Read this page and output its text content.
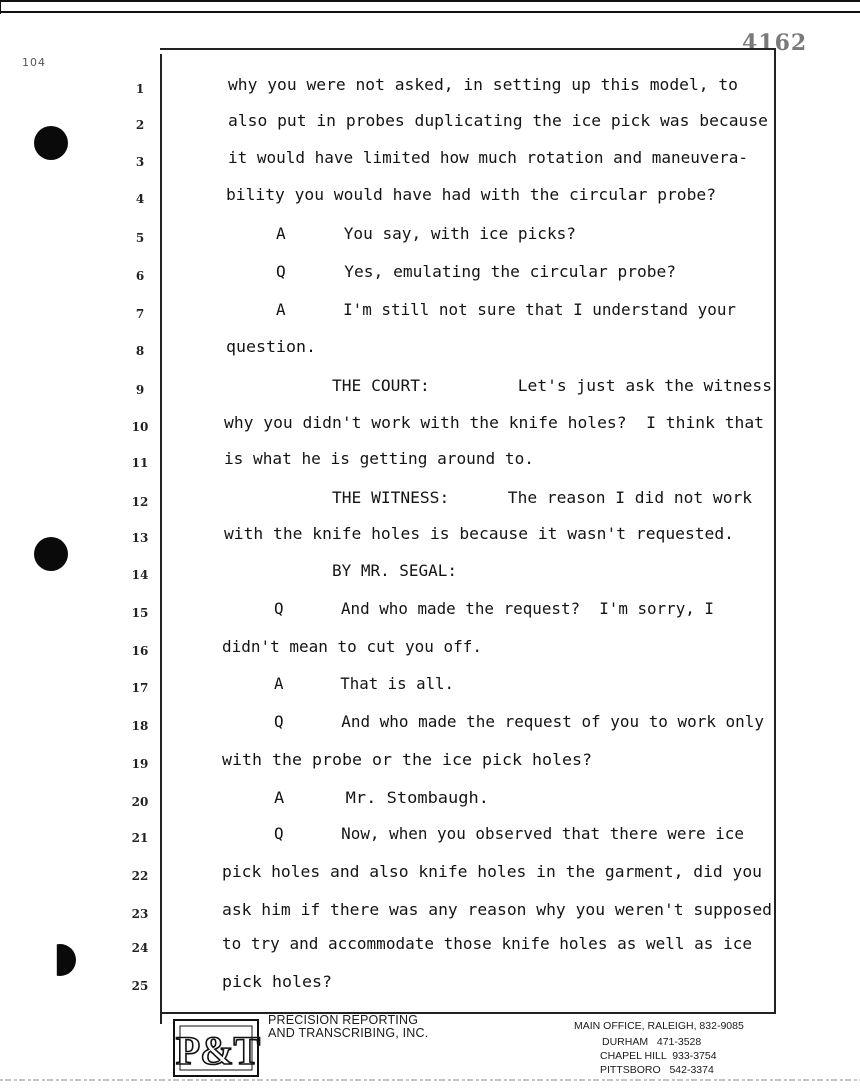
104
4162
1	why you were not asked, in setting up this model, to
2	also put in probes duplicating the ice pick was because
3	it would have limited how much rotation and maneuvera-
4	bility you would have had with the circular probe?
5	A      You say, with ice picks?
6	Q      Yes, emulating the circular probe?
7	A      I'm still not sure that I understand your
8	question.
9	THE COURT:         Let's just ask the witness
10	why you didn't work with the knife holes?  I think that
11	is what he is getting around to.
12	THE WITNESS:      The reason I did not work
13	with the knife holes is because it wasn't requested.
14	BY MR. SEGAL:
15	Q      And who made the request?  I'm sorry, I
16	didn't mean to cut you off.
17	A      That is all.
18	Q      And who made the request of you to work only
19	with the probe or the ice pick holes?
20	A      Mr. Stombaugh.
21	Q      Now, when you observed that there were ice
22	pick holes and also knife holes in the garment, did you
23	ask him if there was any reason why you weren't supposed
24	to try and accommodate those knife holes as well as ice
25	pick holes?
P&T
PRECISION REPORTING
AND TRANSCRIBING, INC.	MAIN OFFICE, RALEIGH, 832-9085
DURHAM 471-3528
CHAPEL HILL 933-3754
PITTSBORO 542-3374
